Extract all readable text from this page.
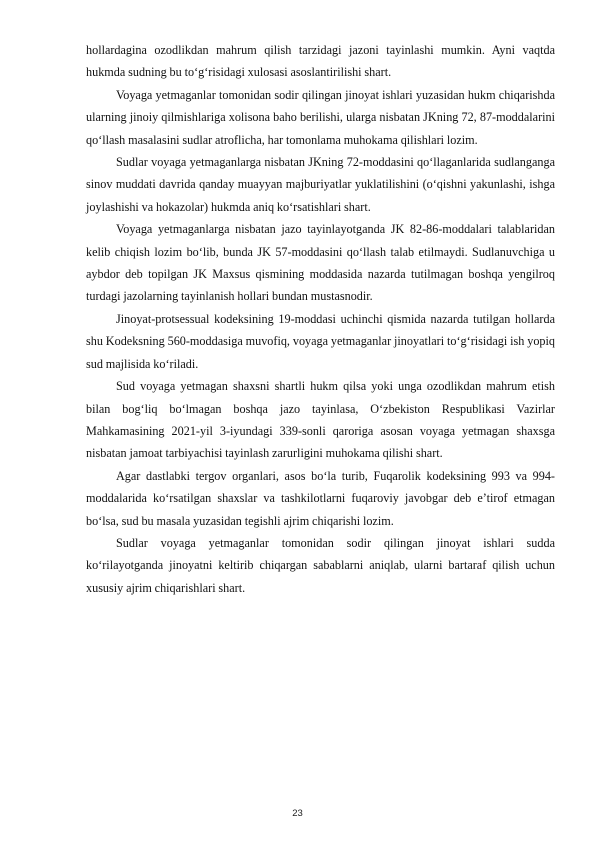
hollardagina ozodlikdan mahrum qilish tarzidagi jazoni tayinlashi mumkin. Ayni vaqtda hukmda sudning bu to‘g‘risidagi xulosasi asoslantirilishi shart.

Voyaga yetmaganlar tomonidan sodir qilingan jinoyat ishlari yuzasidan hukm chiqarishda ularning jinoiy qilmishlariga xolisona baho berilishi, ularga nisbatan JKning 72, 87-moddalarini qo‘llash masalasini sudlar atroflicha, har tomonlama muhokama qilishlari lozim.

Sudlar voyaga yetmaganlarga nisbatan JKning 72-moddasini qo‘llaganlarida sudlanganga sinov muddati davrida qanday muayyan majburiyatlar yuklatilishini (o‘qishni yakunlashi, ishga joylashishi va hokazolar) hukmda aniq ko‘rsatishlari shart.

Voyaga yetmaganlarga nisbatan jazo tayinlayotganda JK 82-86-moddalari talablaridan kelib chiqish lozim bo‘lib, bunda JK 57-moddasini qo‘llash talab etilmaydi. Sudlanuvchiga u aybdor deb topilgan JK Maxsus qismining moddasida nazarda tutilmagan boshqa yengilroq turdagi jazolarning tayinlanish hollari bundan mustasnodir.

Jinoyat-protsessual kodeksining 19-moddasi uchinchi qismida nazarda tutilgan hollarda shu Kodeksning 560-moddasiga muvofiq, voyaga yetmaganlar jinoyatlari to‘g‘risidagi ish yopiq sud majlisida ko‘riladi.

Sud voyaga yetmagan shaxsni shartli hukm qilsa yoki unga ozodlikdan mahrum etish bilan bog‘liq bo‘lmagan boshqa jazo tayinlasa, O‘zbekiston Respublikasi Vazirlar Mahkamasining 2021-yil 3-iyundagi 339-sonli qaroriga asosan voyaga yetmagan shaxsga nisbatan jamoat tarbiyachisi tayinlash zarurligini muhokama qilishi shart.

Agar dastlabki tergov organlari, asos bo‘la turib, Fuqarolik kodeksining 993 va 994-moddalarida ko‘rsatilgan shaxslar va tashkilotlarni fuqaroviy javobgar deb e’tirof etmagan bo‘lsa, sud bu masala yuzasidan tegishli ajrim chiqarishi lozim.

Sudlar voyaga yetmaganlar tomonidan sodir qilingan jinoyat ishlari sudda ko‘rilayotganda jinoyatni keltirib chiqargan sabablarni aniqlab, ularni bartaraf qilish uchun xususiy ajrim chiqarishlari shart.

23
